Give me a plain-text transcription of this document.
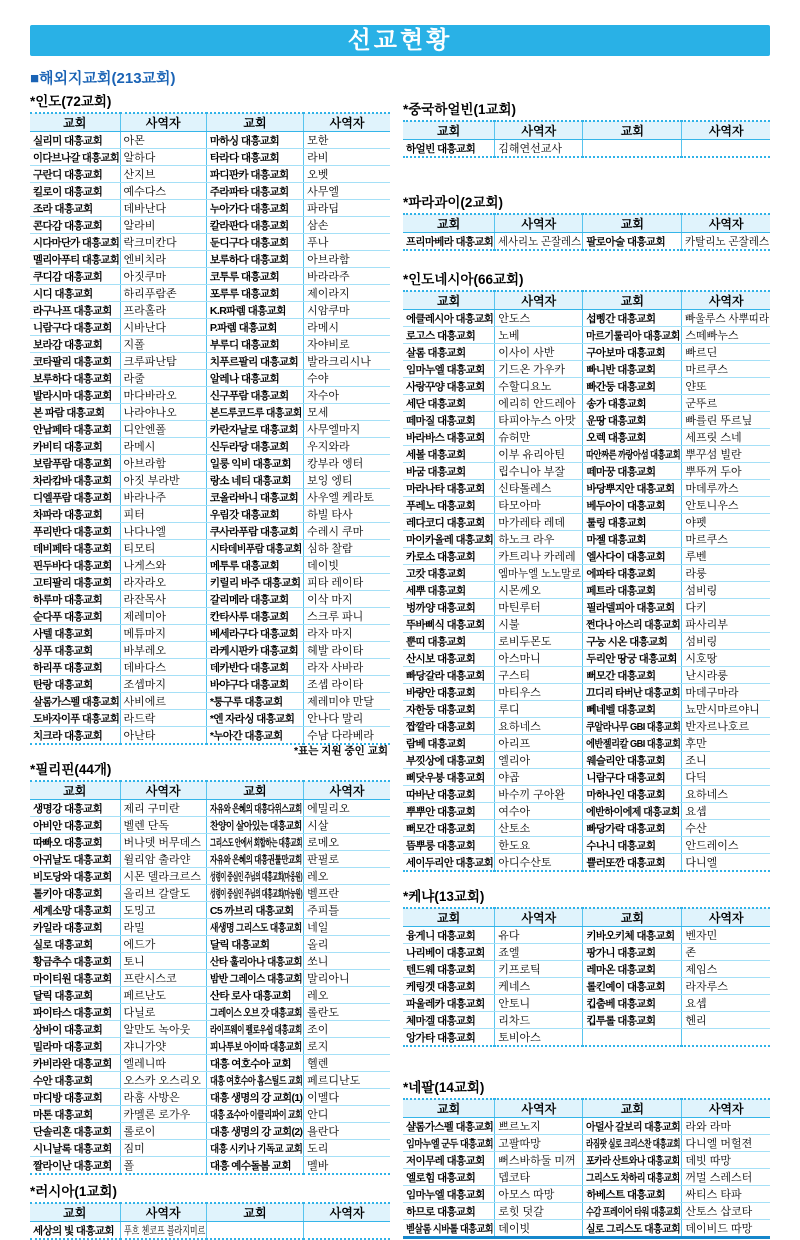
선교현황
■해외지교회(213교회)
*인도(72교회)
교회	사역자	교회	사역자
실리미 대흥교회	아몬	마하싱 대흥교회	모한
이다브나갈 대흥교회	알하다	타라다 대흥교회	라비
구란디 대흥교회	산지브	파디판카 대흥교회	오벳
킬로이 대흥교회	예수다스	주라파타 대흥교회	사무엘
조라 대흥교회	데바난다	누아가다 대흥교회	파라딥
콘다감 대흥교회	알라비	칼라판다 대흥교회	삼손
시다마단가 대흥교회	락크미칸다	둔디구다 대흥교회	푸나
멜리아푸티 대흥교회	엔비치라	보루하다 대흥교회	아브라함
쿠디감 대흥교회	아짓쿠마	코투루 대흥교회	바라라주
시디 대흥교회	하리푸람존	포루루 대흥교회	제이라지
라구나프 대흥교회	프라홀라	K.R파렘 대흥교회	시암쿠마
니람구다 대흥교회	시바난다	P.파렘 대흥교회	라메시
보라감 대흥교회	지폴	부루디 대흥교회	자야비로
코타팔리 대흥교회	크루파난탐	치푸르팔리 대흥교회	발라크리시나
보루하다 대흥교회	라줄	알레나 대흥교회	수야
발라시마 대흥교회	마다바라오	신구푸람 대흥교회	자수아
본 파람 대흥교회	나라야나오	본드루코드루 대흥교회	모세
안남페타 대흥교회	디안엔폴	카란자날로 대흥교회	사무엘마지
카비티 대흥교회	라메시	신두라당 대흥교회	우지와라
보람푸람 대흥교회	아브라함	일룽 익비 대흥교회	캉부라 엥터
차라캄바 대흥교회	아짓 부라반	랑소 네티 대흥교회	보잉 엥티
디엘푸람 대흥교회	바라나주	코올라바니 대흥교회	사우엘 케라토
차파라 대흥교회	피터	우림갓 대흥교회	하빌 타사
푸리반다 대흥교회	나다나엘	쿠사라푸람 대흥교회	수레시 쿠마
데비페타 대흥교회	티모티	시타데비푸람 대흥교회	심하 찰람
핀두바다 대흥교회	나게스와	메투루 대흥교회	데이빗
고티팔리 대흥교회	라자라오	키릴리 바주 대흥교회	피타 레이타
하루마 대흥교회	라잔목사	갈리메라 대흥교회	이삭 마지
순다푸 대흥교회	제레미아	칸타사루 대흥교회	스크루 파니
사텔 대흥교회	메튜마지	베세라구다 대흥교회	라자 마지
싱푸 대흥교회	바부레오	라케시판카 대흥교회	헤발 라이타
하리푸 대흥교회	데바다스	데카반다 대흥교회	라자 사바라
탄랑 대흥교회	조셉마지	바야구다 대흥교회	조셉 라이타
살롬가스펠 대흥교회	사비에르	*퉁구루 대흥교회	제레미야 만달
도바자이푸 대흥교회	라드락	*엔 자라싱 대흥교회	안나다 말리
치크라 대흥교회	아난타	*누아간 대흥교회	수남 다라베라
*표는 지원 중인 교회
*필리핀(44개)
교회	사역자	교회	사역자
생명강 대흥교회	제리 구미란	자유와 은혜의 대흥다위스교회	에밀리오
아비안 대흥교회	벨렌 단독	찬양이 살아있는 대흥교회	시살
따빠오 대흥교회	버나뎃 버무데스	그리스도 안에서 회합하는 대흥교회	로메오
아귀날도 대흥교회	윌리암 출라얀	자유와 은혜의 대흥권툴만교회	판필로
비도당와 대흥교회	시몬 델라크르스	성령이 중심인 주님의 대흥교회(마웅원)	레오
톨키아 대흥교회	올리브 갈랄도	성령이 중심인 주님의 대흥교회(마눙원)	벨프란
세계소망 대흥교회	도밍고	C5 까브리 대흥교회	주피틀
카일라 대흥교회	라밀	새생명 그리스도 대흥교회	네일
실로 대흥교회	에드가	달릭 대흥교회	올리
황금추수 대흥교회	토니	산타 훌리아나 대흥교회	쏘니
마이티원 대흥교회	프란시스코	밤반 그레이스 대흥교회	말리아니
달릭 대흥교회	페르난도	산타 로사 대흥교회	레오
파이타스 대흥교회	다닐로	그레이스 오브 갓 대흥교회	롤란도
상바이 대흥교회	알만도 녹아웃	라이프웨이 펠로우쉽 대흥교회	조이
밀라마 대흥교회	쟈니가얏	피나투보 아이따 대흥교회	로지
카비라완 대흥교회	엘레니따	대흥 여호수아 교회	헬렌
수안 대흥교회	오스카 오스리오	대흥 여호수아 홈스틸드 교회	페르디난도
마디방 대흥교회	라훔 사방은	대흥 생명의 강 교회(1)	이멜다
마톤 대흥교회	카멜론 로가우	대흥 죠수아 이클리파이 교회	안디
단솔리혼 대흥교회	롤로이	대흥 생명의 강 교회(2)	욜란다
시니날록 대흥교회	짐미	대흥 시키나 기독교 교회	도리
짤라이난 대흥교회	폴	대흥 예수돌봄 교회	멜바
*러시아(1교회)
교회	사역자	교회	사역자
세상의 빛 대흥교회	푸흐 첸코프 블라지미르		
*중국하얼빈(1교회)
교회	사역자	교회	사역자
하얼빈 대흥교회	김해연선교사		
*파라과이(2교회)
교회	사역자	교회	사역자
프리마베라 대흥교회	세사리노 곤잘레스	팔로아술 대흥교회	카탈리노 곤잘레스
*인도네시아(66교회)
교회	사역자	교회	사역자
에클레시아 대흥교회	안도스	섭삥간 대흥교회	빠울루스 사뿌띠라
로고스 대흥교회	노베	마르기룰리아 대흥교회	스떼빠누스
살롬 대흥교회	이사이 사반	구아보마 대흥교회	빠르딘
임마누엘 대흥교회	기드온 가우카	빠니반 대흥교회	마르쿠스
사랑꾸양 대흥교회	수할디요노	빠간둥 대흥교회	얀또
세단 대흥교회	에리히 안드레아	송가 대흥교회	군뚜르
떼마질 대흥교회	타피아누스 아맛	운땅 대흥교회	빠를린 뚜르닢
바라바스 대흥교회	슈허만	오렉 대흥교회	세프릿 스네
세볼 대흥교회	이부 유리아틴	따안짜른 까랑아섬 대흥교회	뿌꾸섬 빌란
바굼 대흥교회	립수니아 부잘	떼마꿍 대흥교회	뿌뚜꺼 두아
마라나타 대흥교회	신타톨레스	바당뿌지안 대흥교회	마데루까스
푸레노 대흥교회	타모아마	베두아이 대흥교회	안토니우스
레다코디 대흥교회	마가레타 레데	툴링 대흥교회	야펫
마이카올레 대흥교회	하노크 라우	마젤 대흥교회	마르쿠스
카로소 대흥교회	카트리나 카레레	엘사다이 대흥교회	루벤
고캇 대흥교회	엠마누엘 노노말로	에파타 대흥교회	라룽
세뿌 대흥교회	시몬께오	페트라 대흥교회	섬비링
벙까양 대흥교회	마틴루터	필라델피아 대흥교회	다키
뚜바삐식 대흥교회	시불	쩐다나 아스리 대흥교회	파사리부
뿐띠 대흥교회	로비두몬도	구눙 시온 대흥교회	섬비링
산시보 대흥교회	아스마니	두리안 땅궁 대흥교회	시호땅
빠당갈라 대흥교회	구스티	뻐모간 대흥교회	난시라룽
바량안 대흥교회	마티우스	끄디리 타버난 대흥교회	마데구마라
자한둥 대흥교회	루디	뻬네벨 대흥교회	뇨만시마르야니
짭깔라 대흥교회	요하네스	쿠알라나무 GBI 대흥교회	반자르나호르
람베 대흥교회	아리프	에반젤리칼 GBI 대흥교회	후만
부낏상에 대흥교회	엘리아	웨슬리안 대흥교회	조니
삐닷우붕 대흥교회	야곱	니람구다 대흥교회	다딕
따바난 대흥교회	바수끼 구아완	마하나인 대흥교회	요하네스
뿌뿌안 대흥교회	여수아	에반하이에제 대흥교회	요셉
뻐모간 대흥교회	산토소	빠당가락 대흥교회	수산
뜸뿌룽 대흥교회	한도요	수나니 대흥교회	안드레이스
세이두리안 대흥교회	아디수산토	쁠러또깐 대흥교회	다니엘
*케냐(13교회)
교회	사역자	교회	사역자
융게니 대흥교회	유다	키바오키체 대흥교회	벤자민
나리베이 대흥교회	죠엘	팡가니 대흥교회	존
텐드웨 대흥교회	키프로틱	레마온 대흥교회	제임스
케링겟 대흥교회	케네스	롤킨예이 대흥교회	라자루스
파울레카 대흥교회	안토니	킵춤베 대흥교회	요셉
체마겔 대흥교회	리차드	킵투롤 대흥교회	헨리
앙가타 대흥교회	토비아스		
*네팔(14교회)
교회	사역자	교회	사역자
샬롬가스펠 대흥교회	쁘르노지	아덜사 갈보리 대흥교회	라와 라마
임마누엘 군두 대흥교회	고팔따망	라짐팟 실로 크리스찬 대흥교회	다니엘 머헐젼
저이무레 대흥교회	뻐스바하둘 미꺼	포카라 산트와나 대흥교회	데빗 따망
엘로힘 대흥교회	뎁코타	그리스도 차하리 대흥교회	꺼멀 스레스터
임마누엘 대흥교회	아모스 따망	하베스트 대흥교회	싸티스 타파
하므로 대흥교회	로힛 덧갈	수감 프레이어 타워 대흥교회	산토스 삽코타
벧살롬 시바톨 대흥교회	데이빗	실로 그리스도 대흥교회	데이비드 따망
